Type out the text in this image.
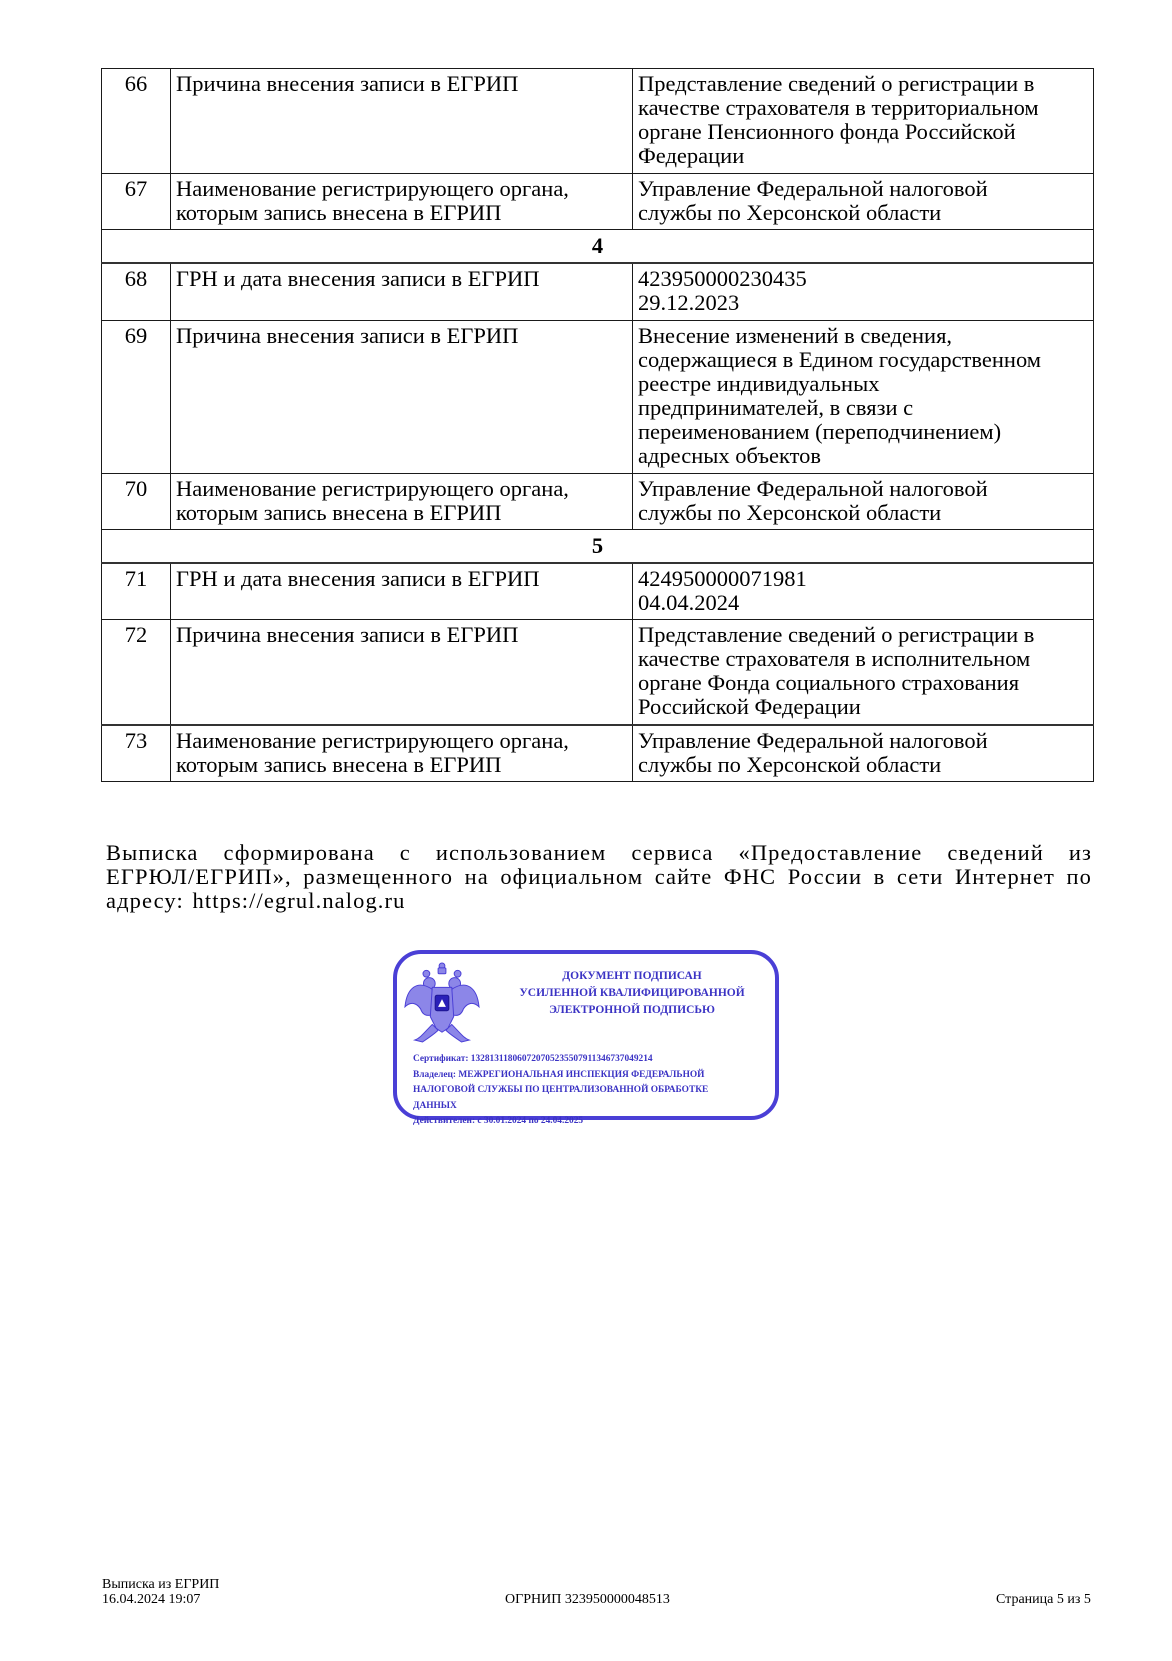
66	Причина внесения записи в ЕГРИП	Представление сведений о регистрации в
качестве страхователя в территориальном
органе Пенсионного фонда Российской
Федерации

67	Наименование регистрирующего органа,
которым запись внесена в ЕГРИП	Управление Федеральной налоговой
службы по Херсонской области

4		
68	ГРН и дата внесения записи в ЕГРИП	423950000230435
29.12.2023

69	Причина внесения записи в ЕГРИП	Внесение изменений в сведения,
содержащиеся в Едином государственном
реестре индивидуальных
предпринимателей, в связи с
переименованием (переподчинением)
адресных объектов

70	Наименование регистрирующего органа,
которым запись внесена в ЕГРИП	Управление Федеральной налоговой
службы по Херсонской области

5		
71	ГРН и дата внесения записи в ЕГРИП	424950000071981
04.04.2024

72	Причина внесения записи в ЕГРИП	Представление сведений о регистрации в
качестве страхователя в исполнительном
органе Фонда социального страхования
Российской Федерации

73	Наименование регистрирующего органа,
которым запись внесена в ЕГРИП	Управление Федеральной налоговой
службы по Херсонской области
Выписка сформирована с использованием сервиса «Предоставление сведений из
ЕГРЮЛ/ЕГРИП», размещенного на официальном сайте ФНС России в сети Интернет по
адресу: https://egrul.nalog.ru
ДОКУМЕНТ ПОДПИСАН
УСИЛЕННОЙ КВАЛИФИЦИРОВАННОЙ
ЭЛЕКТРОННОЙ ПОДПИСЬЮ
Сертификат: 132813118060720705235507911346737049214
Владелец: МЕЖРЕГИОНАЛЬНАЯ ИНСПЕКЦИЯ ФЕДЕРАЛЬНОЙ
НАЛОГОВОЙ СЛУЖБЫ ПО ЦЕНТРАЛИЗОВАННОЙ ОБРАБОТКЕ
ДАННЫХ
Действителен: с 30.01.2024 по 24.04.2025
Выписка из ЕГРИП
16.04.2024 19:07	ОГРНИП 323950000048513	Страница 5 из 5
